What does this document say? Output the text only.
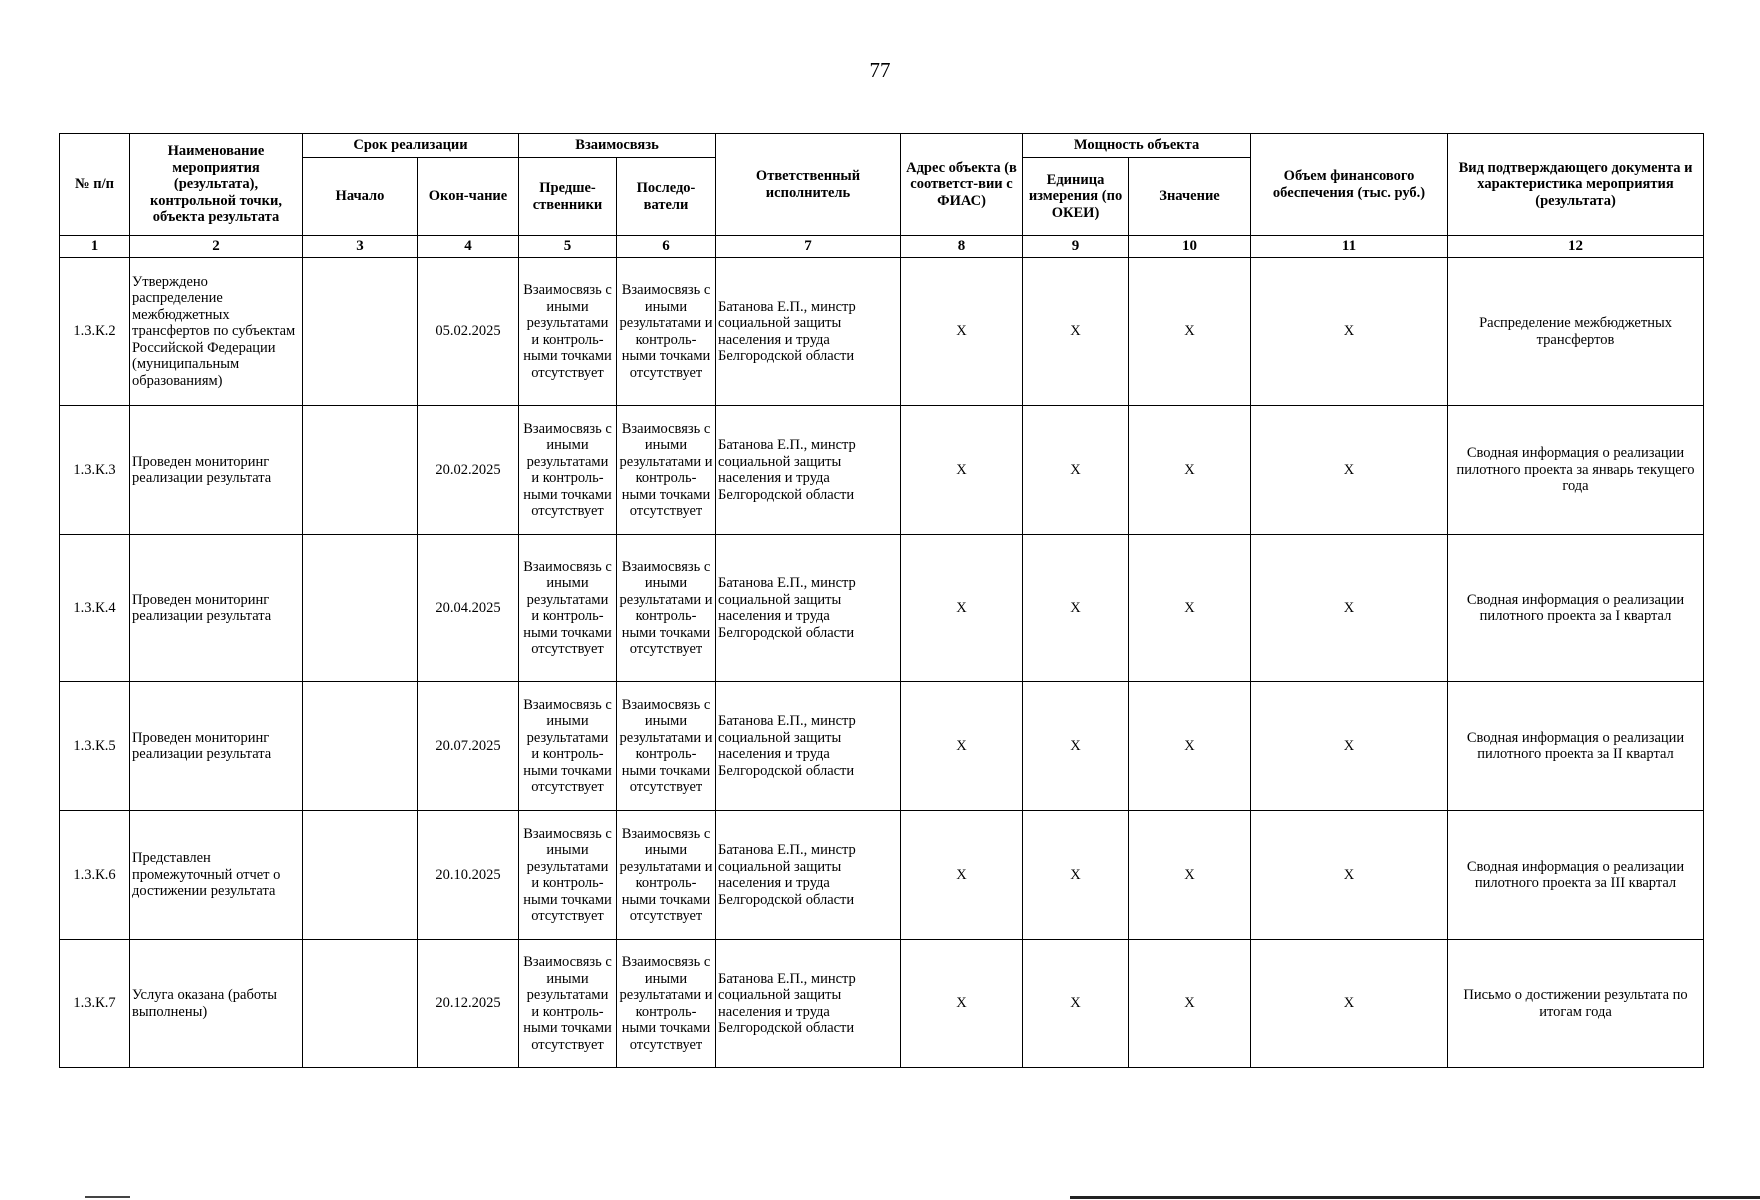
77
№ п/п	Наименование мероприятия (результата), контрольной точки, объекта результата	Срок реализации		Взаимосвязь		Ответственный исполнитель	Адрес объекта (в соответст-вии с ФИАС)	Мощность объекта		Объем финансового обеспечения (тыс. руб.)	Вид подтверждающего документа и характеристика мероприятия (результата)
		Начало	Окон-чание	Предше-ственники	Последо-ватели			Единица измерения (по ОКЕИ)	Значение		
1	2	3	4	5	6	7	8	9	10	11	12
1.3.К.2	Утверждено распределение межбюджетных трансфертов по субъектам Российской Федерации (муниципальным образованиям)		05.02.2025	Взаимосвязь с иными результатами и контроль-ными точками отсутствует	Взаимосвязь с иными результатами и контроль-ными точками отсутствует	Батанова Е.П., минстр социальной защиты населения и труда Белгородской области	X	X	X	X	Распределение межбюджетных трансфертов
1.3.К.3	Проведен мониторинг реализации результата		20.02.2025	Взаимосвязь с иными результатами и контроль-ными точками отсутствует	Взаимосвязь с иными результатами и контроль-ными точками отсутствует	Батанова Е.П., минстр социальной защиты населения и труда Белгородской области	X	X	X	X	Сводная информация о реализации пилотного проекта за январь текущего года
1.3.К.4	Проведен мониторинг реализации результата		20.04.2025	Взаимосвязь с иными результатами и контроль-ными точками отсутствует	Взаимосвязь с иными результатами и контроль-ными точками отсутствует	Батанова Е.П., минстр социальной защиты населения и труда Белгородской области	X	X	X	X	Сводная информация о реализации пилотного проекта за I квартал
1.3.К.5	Проведен мониторинг реализации результата		20.07.2025	Взаимосвязь с иными результатами и контроль-ными точками отсутствует	Взаимосвязь с иными результатами и контроль-ными точками отсутствует	Батанова Е.П., минстр социальной защиты населения и труда Белгородской области	X	X	X	X	Сводная информация о реализации пилотного проекта за II квартал
1.3.К.6	Представлен промежуточный отчет о достижении результата		20.10.2025	Взаимосвязь с иными результатами и контроль-ными точками отсутствует	Взаимосвязь с иными результатами и контроль-ными точками отсутствует	Батанова Е.П., минстр социальной защиты населения и труда Белгородской области	X	X	X	X	Сводная информация о реализации пилотного проекта за III квартал
1.3.К.7	Услуга оказана (работы выполнены)		20.12.2025	Взаимосвязь с иными результатами и контроль-ными точками отсутствует	Взаимосвязь с иными результатами и контроль-ными точками отсутствует	Батанова Е.П., минстр социальной защиты населения и труда Белгородской области	X	X	X	X	Письмо о достижении результата по итогам года
